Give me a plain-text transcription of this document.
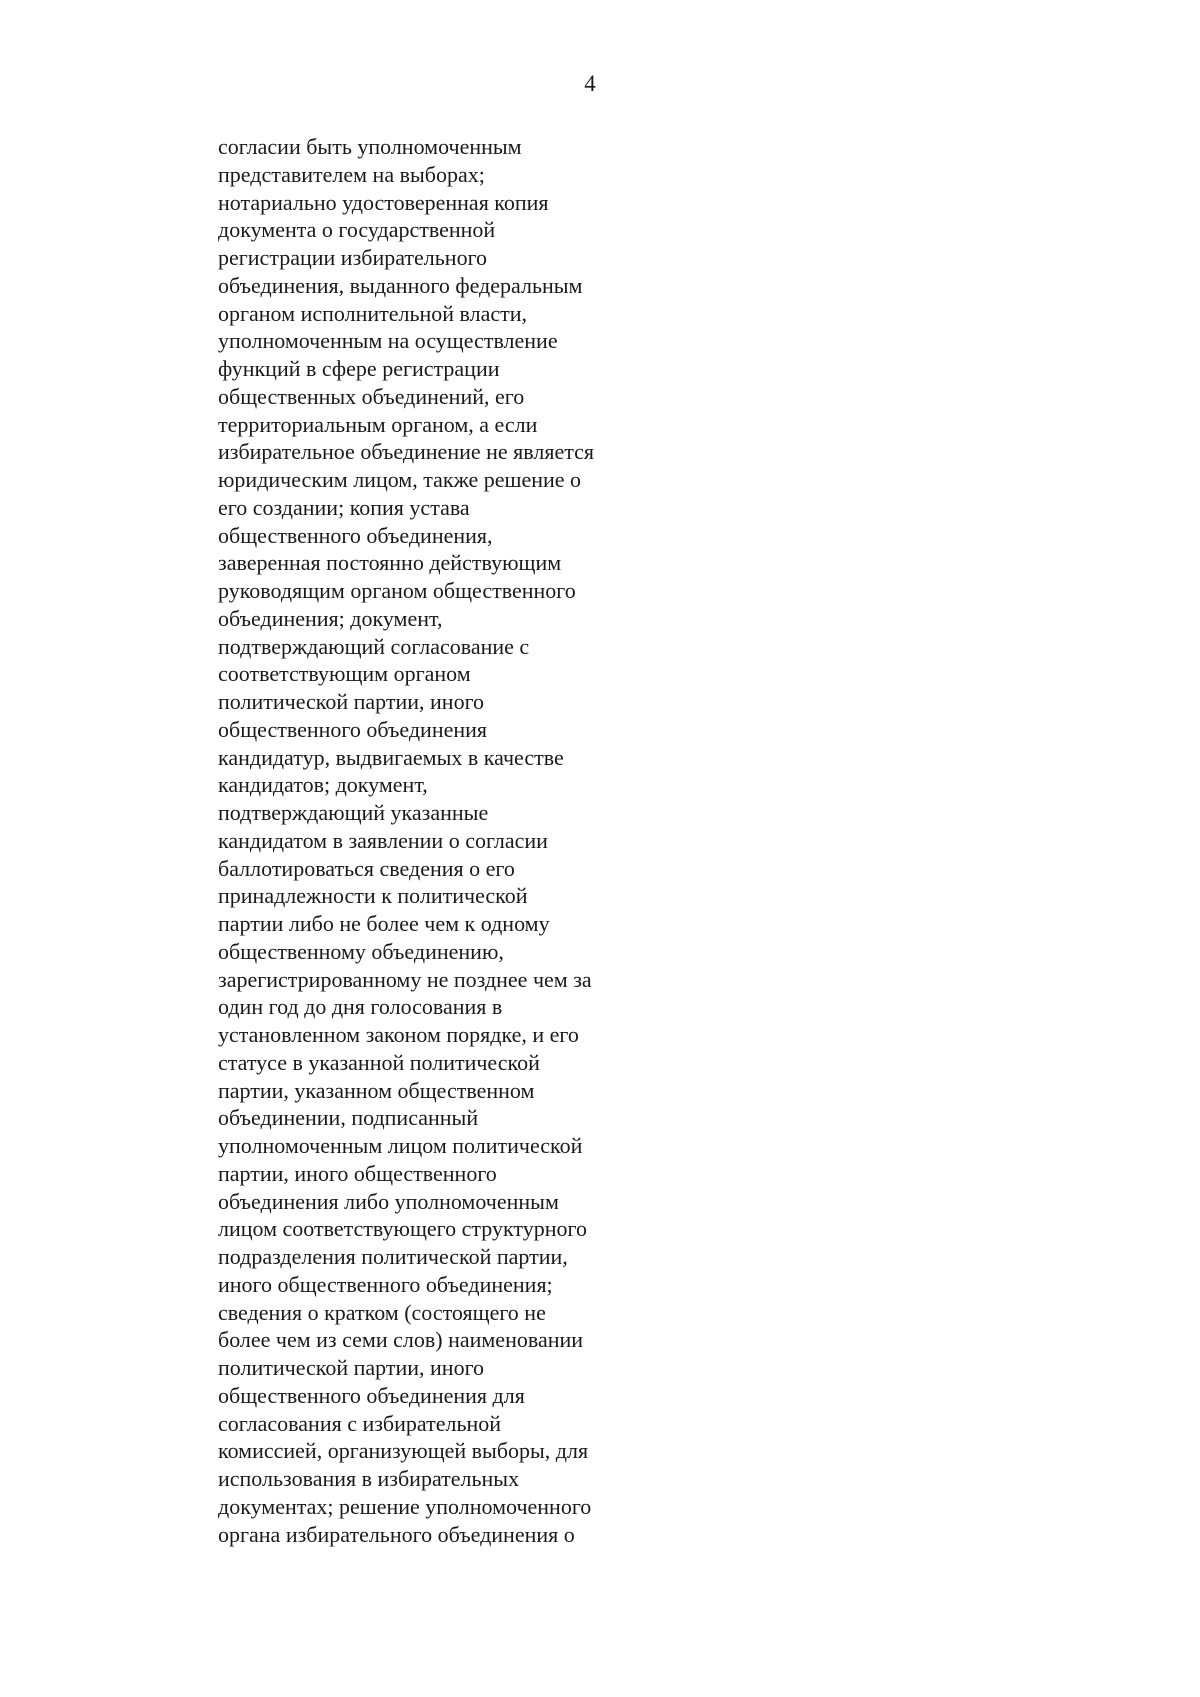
4
согласии быть уполномоченным
представителем на выборах;
нотариально удостоверенная копия
документа о государственной
регистрации избирательного
объединения, выданного федеральным
органом исполнительной власти,
уполномоченным на осуществление
функций в сфере регистрации
общественных объединений, его
территориальным органом, а если
избирательное объединение не является
юридическим лицом, также решение о
его создании; копия устава
общественного объединения,
заверенная постоянно действующим
руководящим органом общественного
объединения; документ,
подтверждающий согласование с
соответствующим органом
политической партии, иного
общественного объединения
кандидатур, выдвигаемых в качестве
кандидатов; документ,
подтверждающий указанные
кандидатом в заявлении о согласии
баллотироваться сведения о его
принадлежности к политической
партии либо не более чем к одному
общественному объединению,
зарегистрированному не позднее чем за
один год до дня голосования в
установленном законом порядке, и его
статусе в указанной политической
партии, указанном общественном
объединении, подписанный
уполномоченным лицом политической
партии, иного общественного
объединения либо уполномоченным
лицом соответствующего структурного
подразделения политической партии,
иного общественного объединения;
сведения о кратком (состоящего не
более чем из семи слов) наименовании
политической партии, иного
общественного объединения для
согласования с избирательной
комиссией, организующей выборы, для
использования в избирательных
документах; решение уполномоченного
органа избирательного объединения о
